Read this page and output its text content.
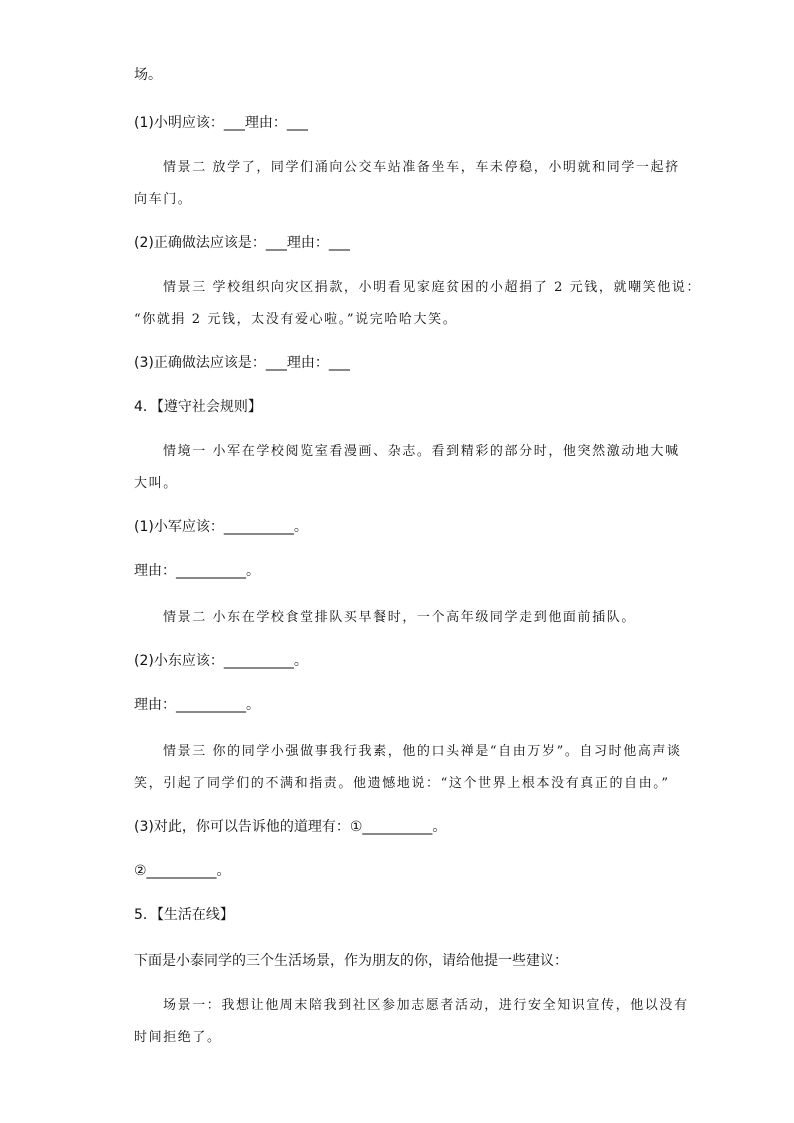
场。
(1)小明应该：___理由：___
情景二 放学了，同学们涌向公交车站准备坐车，车未停稳，小明就和同学一起挤
向车门。
(2)正确做法应该是：___理由：___
情景三 学校组织向灾区捐款，小明看见家庭贫困的小超捐了 2 元钱，就嘲笑他说：
“你就捐 2 元钱，太没有爱心啦。”说完哈哈大笑。
(3)正确做法应该是：___理由：___
4．【遵守社会规则】
情境一 小军在学校阅览室看漫画、杂志。看到精彩的部分时，他突然激动地大喊
大叫。
(1)小军应该：__________。
理由：__________。
情景二 小东在学校食堂排队买早餐时，一个高年级同学走到他面前插队。
(2)小东应该：__________。
理由：__________。
情景三 你的同学小强做事我行我素，他的口头禅是“自由万岁”。自习时他高声谈
笑，引起了同学们的不满和指责。他遗憾地说：“这个世界上根本没有真正的自由。”
(3)对此，你可以告诉他的道理有：①__________。
②__________。
5．【生活在线】
下面是小泰同学的三个生活场景，作为朋友的你，请给他提一些建议：
场景一：我想让他周末陪我到社区参加志愿者活动，进行安全知识宣传，他以没有
时间拒绝了。
